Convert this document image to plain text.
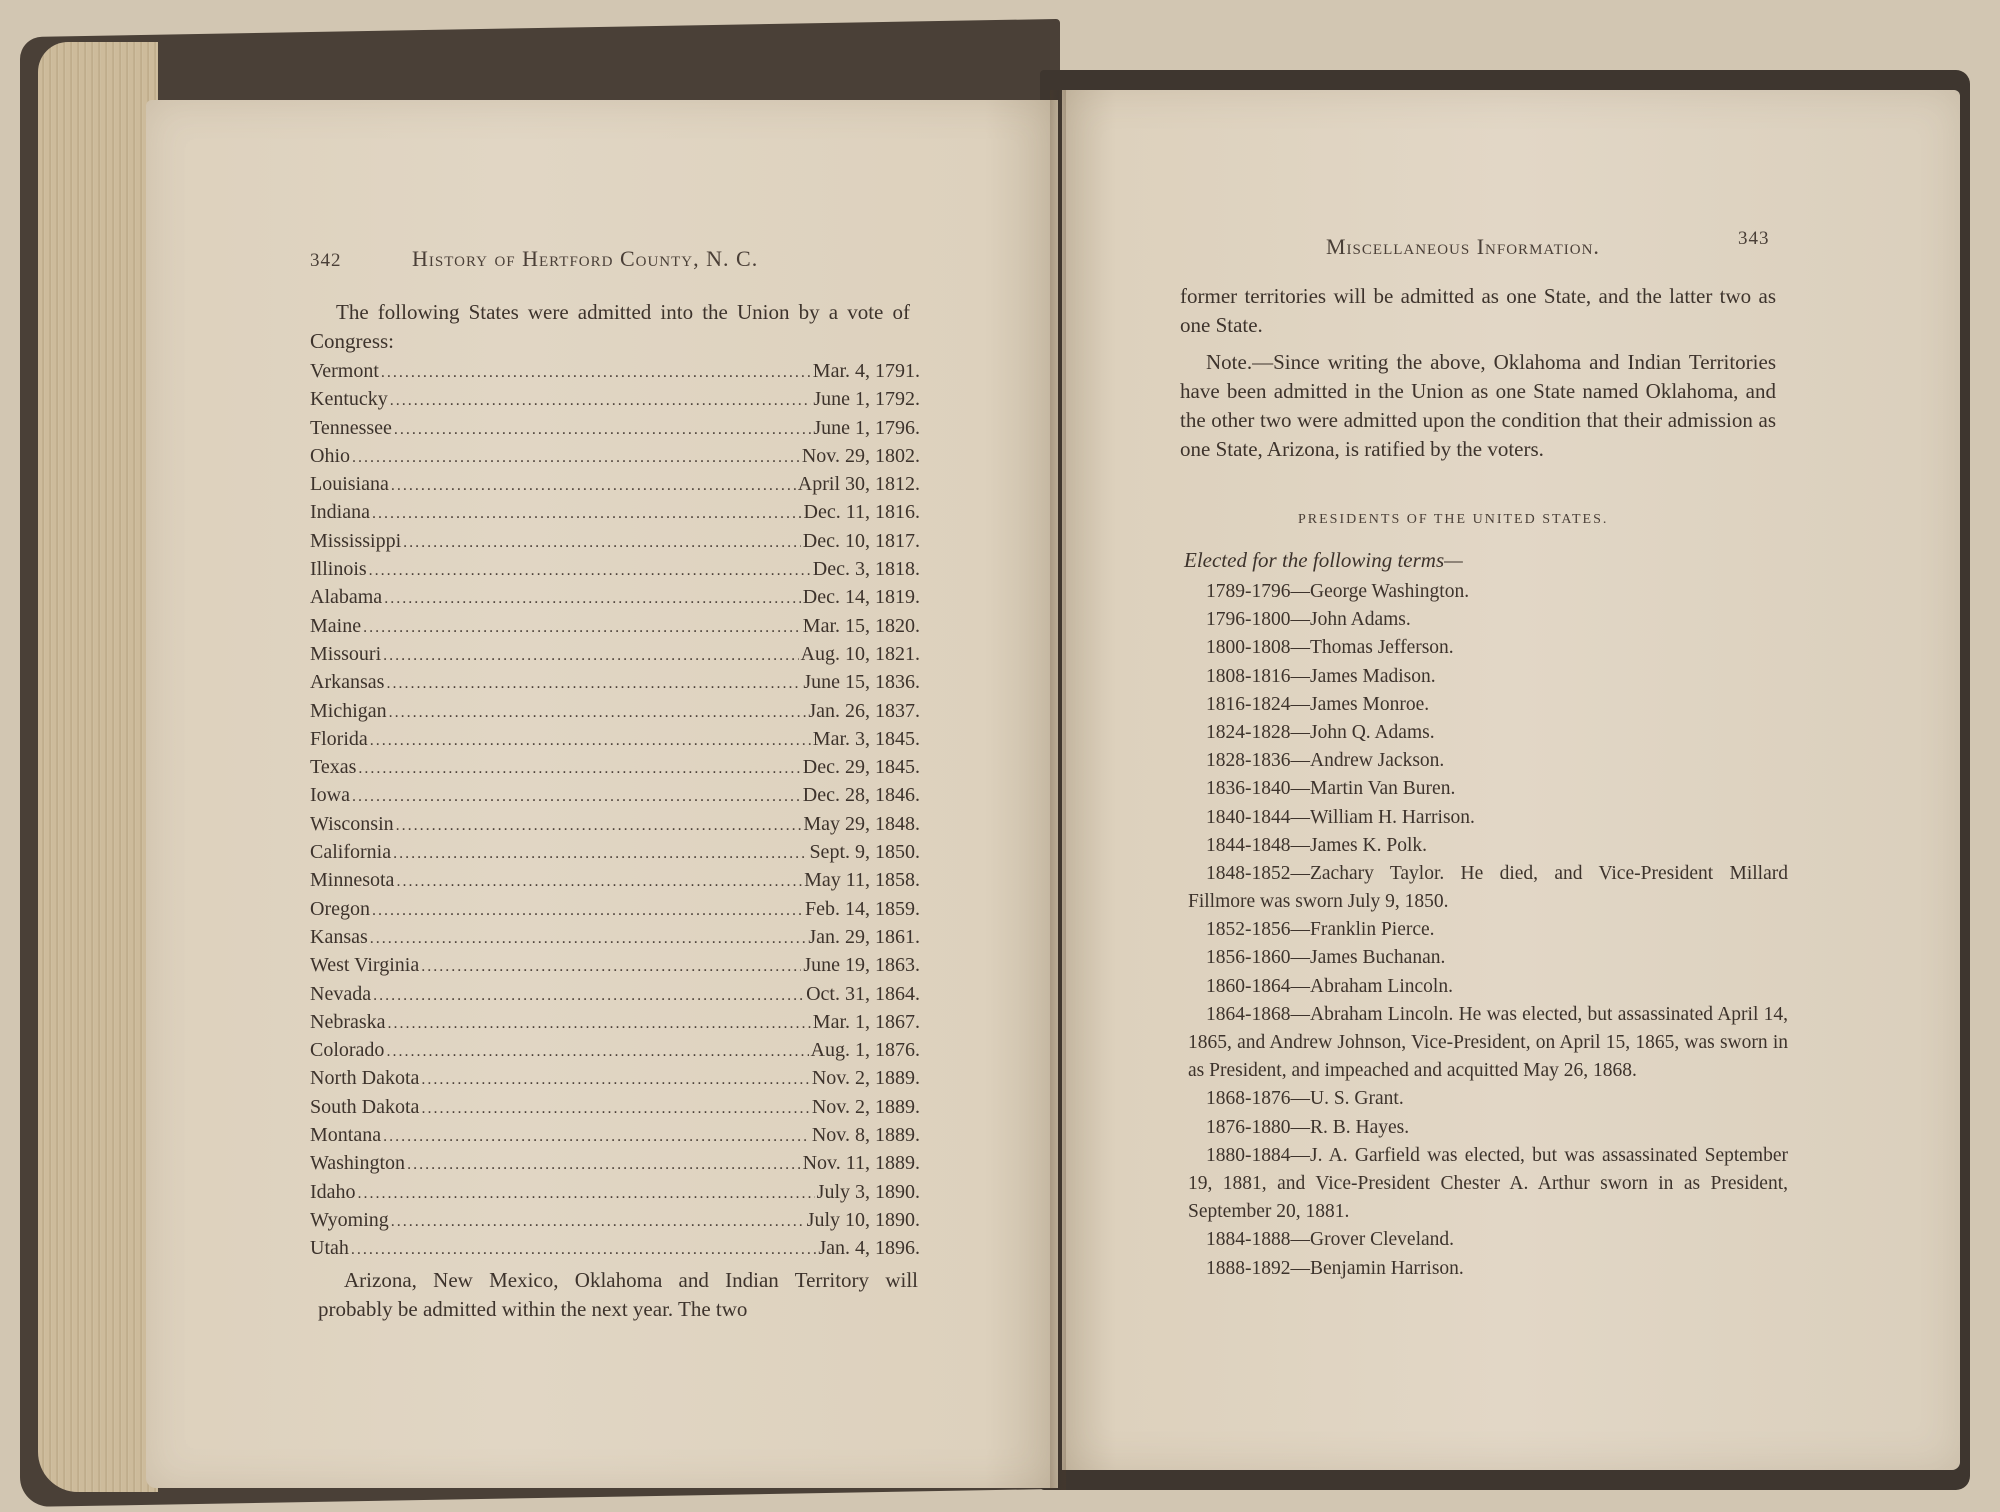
342	History of Hertford County, N. C.
The following States were admitted into the Union by a vote of Congress:
Vermont .....	Mar. 4, 1791.
Kentucky .....	June 1, 1792.
Tennessee .....	June 1, 1796.
Ohio .....	Nov. 29, 1802.
Louisiana .....	April 30, 1812.
Indiana .....	Dec. 11, 1816.
Mississippi .....	Dec. 10, 1817.
Illinois .....	Dec. 3, 1818.
Alabama .....	Dec. 14, 1819.
Maine .....	Mar. 15, 1820.
Missouri .....	Aug. 10, 1821.
Arkansas .....	June 15, 1836.
Michigan .....	Jan. 26, 1837.
Florida .....	Mar. 3, 1845.
Texas .....	Dec. 29, 1845.
Iowa .....	Dec. 28, 1846.
Wisconsin .....	May 29, 1848.
California .....	Sept. 9, 1850.
Minnesota .....	May 11, 1858.
Oregon .....	Feb. 14, 1859.
Kansas .....	Jan. 29, 1861.
West Virginia .....	June 19, 1863.
Nevada .....	Oct. 31, 1864.
Nebraska .....	Mar. 1, 1867.
Colorado .....	Aug. 1, 1876.
North Dakota .....	Nov. 2, 1889.
South Dakota .....	Nov. 2, 1889.
Montana .....	Nov. 8, 1889.
Washington .....	Nov. 11, 1889.
Idaho .....	July 3, 1890.
Wyoming .....	July 10, 1890.
Utah .....	Jan. 4, 1896.
Arizona, New Mexico, Oklahoma and Indian Territory will probably be admitted within the next year. The two
Miscellaneous Information.	343
former territories will be admitted as one State, and the latter two as one State.
Note.—Since writing the above, Oklahoma and Indian Territories have been admitted in the Union as one State named Oklahoma, and the other two were admitted upon the condition that their admission as one State, Arizona, is ratified by the voters.
PRESIDENTS OF THE UNITED STATES.
Elected for the following terms—
1789-1796—George Washington.
1796-1800—John Adams.
1800-1808—Thomas Jefferson.
1808-1816—James Madison.
1816-1824—James Monroe.
1824-1828—John Q. Adams.
1828-1836—Andrew Jackson.
1836-1840—Martin Van Buren.
1840-1844—William H. Harrison.
1844-1848—James K. Polk.
1848-1852—Zachary Taylor. He died, and Vice-President Millard Fillmore was sworn July 9, 1850.
1852-1856—Franklin Pierce.
1856-1860—James Buchanan.
1860-1864—Abraham Lincoln.
1864-1868—Abraham Lincoln. He was elected, but assassinated April 14, 1865, and Andrew Johnson, Vice-President, on April 15, 1865, was sworn in as President, and impeached and acquitted May 26, 1868.
1868-1876—U. S. Grant.
1876-1880—R. B. Hayes.
1880-1884—J. A. Garfield was elected, but was assassinated September 19, 1881, and Vice-President Chester A. Arthur sworn in as President, September 20, 1881.
1884-1888—Grover Cleveland.
1888-1892—Benjamin Harrison.
